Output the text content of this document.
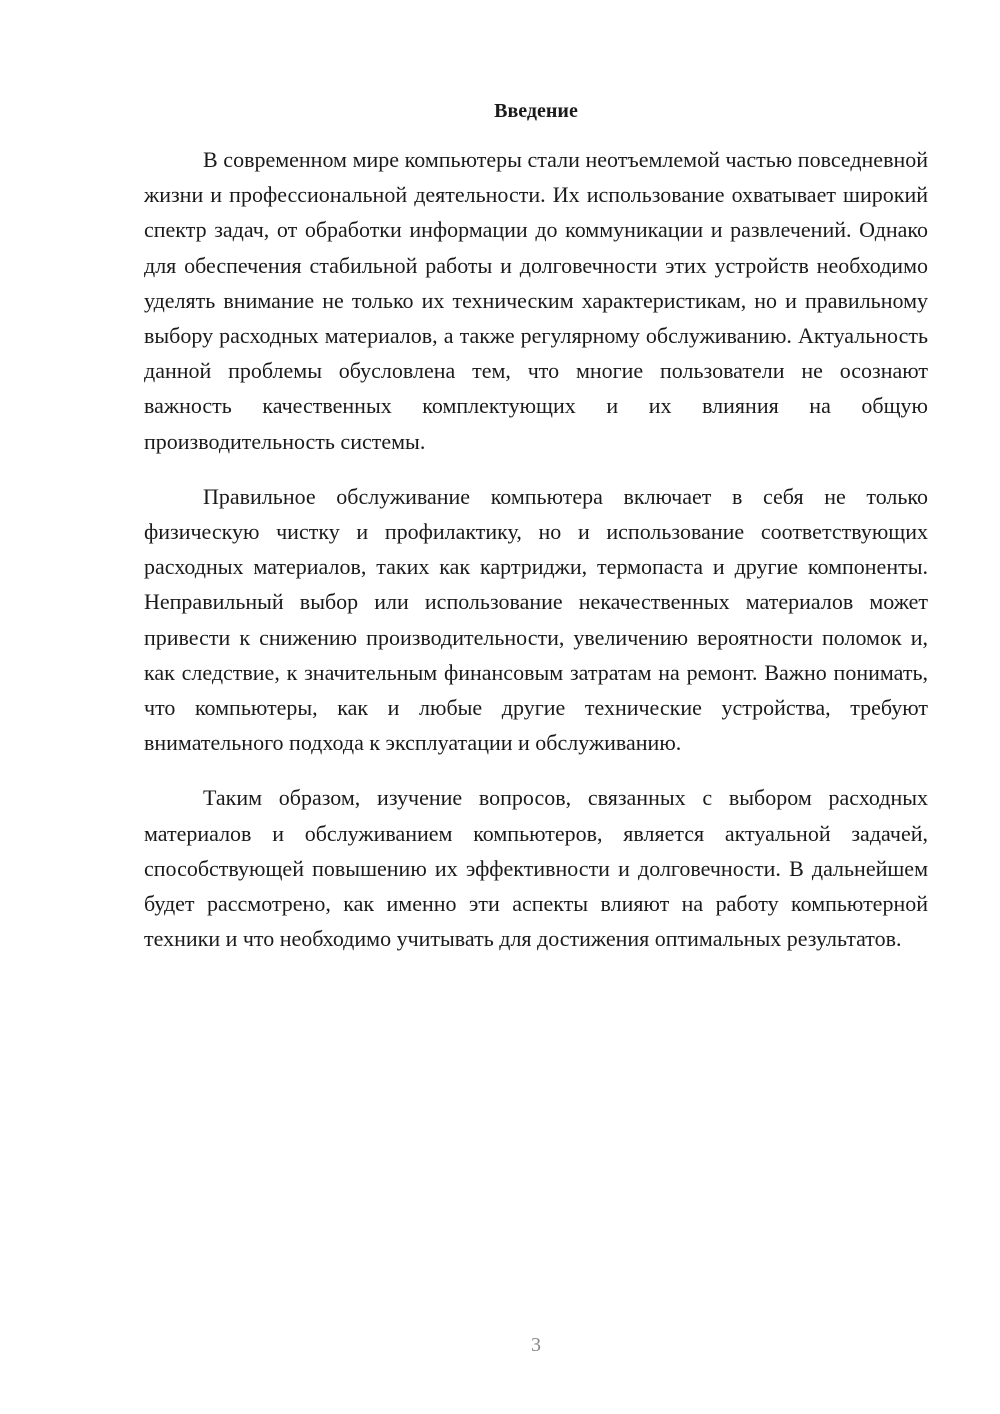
Введение

В современном мире компьютеры стали неотъемлемой частью повседневной жизни и профессиональной деятельности. Их использование охватывает широкий спектр задач, от обработки информации до коммуникации и развлечений. Однако для обеспечения стабильной работы и долговечности этих устройств необходимо уделять внимание не только их техническим характеристикам, но и правильному выбору расходных материалов, а также регулярному обслуживанию. Актуальность данной проблемы обусловлена тем, что многие пользователи не осознают важность качественных комплектующих и их влияния на общую производительность системы.

Правильное обслуживание компьютера включает в себя не только физическую чистку и профилактику, но и использование соответствующих расходных материалов, таких как картриджи, термопаста и другие компоненты. Неправильный выбор или использование некачественных материалов может привести к снижению производительности, увеличению вероятности поломок и, как следствие, к значительным финансовым затратам на ремонт. Важно понимать, что компьютеры, как и любые другие технические устройства, требуют внимательного подхода к эксплуатации и обслуживанию.

Таким образом, изучение вопросов, связанных с выбором расходных материалов и обслуживанием компьютеров, является актуальной задачей, способствующей повышению их эффективности и долговечности. В дальнейшем будет рассмотрено, как именно эти аспекты влияют на работу компьютерной техники и что необходимо учитывать для достижения оптимальных результатов.

3
